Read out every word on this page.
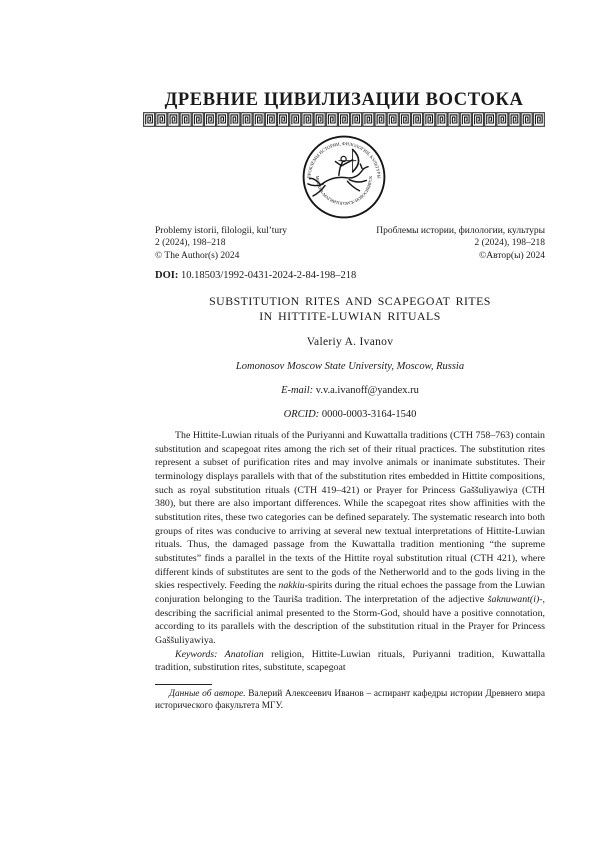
ДРЕВНИЕ ЦИВИЛИЗАЦИИ ВОСТОКА
ПРОБЛЕМЫ ИСТОРИИ, ФИЛОЛОГИИ, КУЛЬТУРЫ
МОСКВА-МАГНИТОГОРСК-НОВОСИБИРСК
Problemy istorii, filologii, kul’tury
2 (2024), 198–218
© The Author(s) 2024
Проблемы истории, филологии, культуры
2 (2024), 198–218
©Автор(ы) 2024
DOI: 10.18503/1992-0431-2024-2-84-198–218
SUBSTITUTION RITES AND SCAPEGOAT RITES
IN HITTITE-LUWIAN RITUALS
Valeriy A. Ivanov
Lomonosov Moscow State University, Moscow, Russia
E-mail: v.v.a.ivanoff@yandex.ru
ORCID: 0000-0003-3164-1540

The Hittite-Luwian rituals of the Puriyanni and Kuwattalla traditions (CTH 758–763) contain substitution and scapegoat rites among the rich set of their ritual practices. The substitution rites represent a subset of purification rites and may involve animals or inanimate substitutes. Their terminology displays parallels with that of the substitution rites embedded in Hittite compositions, such as royal substitution rituals (CTH 419–421) or Prayer for Princess Gaššuliyawiya (CTH 380), but there are also important differences. While the scapegoat rites show affinities with the substitution rites, these two categories can be defined separately. The systematic research into both groups of rites was conducive to arriving at several new textual interpretations of Hittite-Luwian rituals. Thus, the damaged passage from the Kuwattalla tradition mentioning “the supreme substitutes” finds a parallel in the texts of the Hittite royal substitution ritual (CTH 421), where different kinds of substitutes are sent to the gods of the Netherworld and to the gods living in the skies respectively. Feeding the nakkiu-spirits during the ritual echoes the passage from the Luwian conjuration belonging to the Tauriša tradition. The interpretation of the adjective šaknuwant(i)-, describing the sacrificial animal presented to the Storm-God, should have a positive connotation, according to its parallels with the description of the substitution ritual in the Prayer for Princess Gaššuliyawiya.

Keywords: Anatolian religion, Hittite-Luwian rituals, Puriyanni tradition, Kuwattalla tradition, substitution rites, substitute, scapegoat

Данные об авторе. Валерий Алексеевич Иванов – аспирант кафедры истории Древнего мира исторического факультета МГУ.
